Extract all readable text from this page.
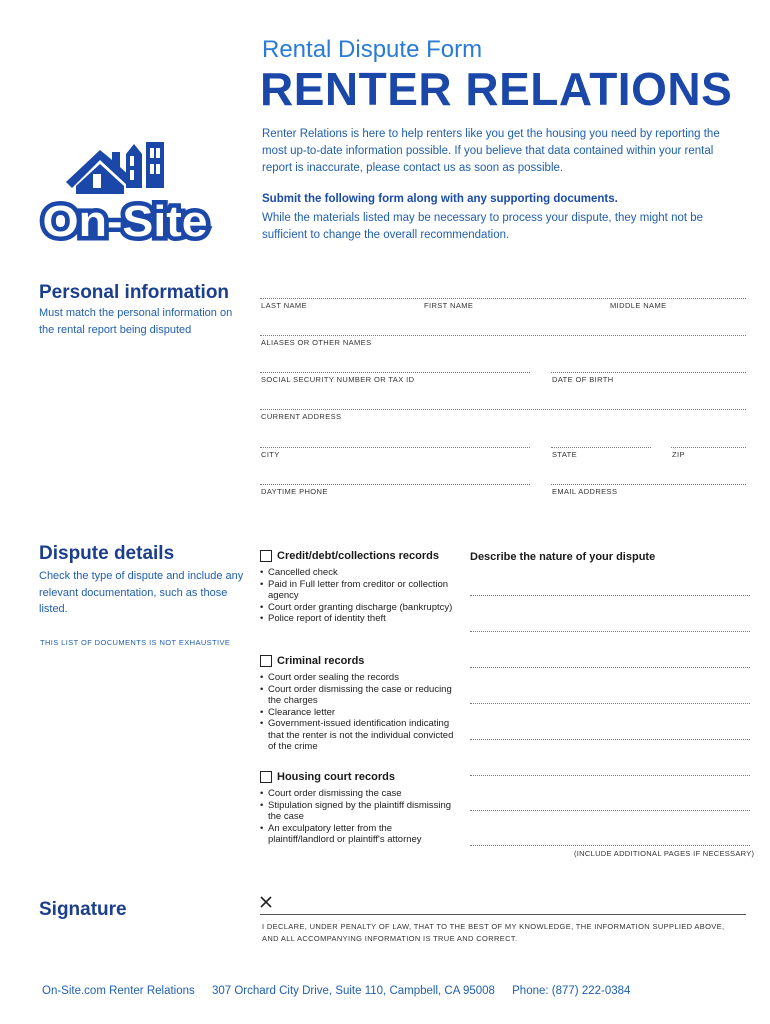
Rental Dispute Form
RENTER RELATIONS
Renter Relations is here to help renters like you get the housing you need by reporting the most up-to-date information possible. If you believe that data contained within your rental report is inaccurate, please contact us as soon as possible.
Submit the following form along with any supporting documents.
While the materials listed may be necessary to process your dispute, they might not be sufficient to change the overall recommendation.
On-Site
Personal information
Must match the personal information on the rental report being disputed
LAST NAME	FIRST NAME	MIDDLE NAME
ALIASES OR OTHER NAMES
SOCIAL SECURITY NUMBER OR TAX ID	DATE OF BIRTH
CURRENT ADDRESS
CITY	STATE	ZIP
DAYTIME PHONE	EMAIL ADDRESS
Dispute details
Check the type of dispute and include any relevant documentation, such as those listed.
THIS LIST OF DOCUMENTS IS NOT EXHAUSTIVE
Credit/debt/collections records
• Cancelled check
• Paid in Full letter from creditor or collection agency
• Court order granting discharge (bankruptcy)
• Police report of identity theft
Criminal records
• Court order sealing the records
• Court order dismissing the case or reducing the charges
• Clearance letter
• Government-issued identification indicating that the renter is not the individual convicted of the crime
Housing court records
• Court order dismissing the case
• Stipulation signed by the plaintiff dismissing the case
• An exculpatory letter from the plaintiff/landlord or plaintiff's attorney
Describe the nature of your dispute
(INCLUDE ADDITIONAL PAGES IF NECESSARY)
Signature
I DECLARE, UNDER PENALTY OF LAW, THAT TO THE BEST OF MY KNOWLEDGE, THE INFORMATION SUPPLIED ABOVE, AND ALL ACCOMPANYING INFORMATION IS TRUE AND CORRECT.
On-Site.com Renter Relations 307 Orchard City Drive, Suite 110, Campbell, CA 95008 Phone: (877) 222-0384
